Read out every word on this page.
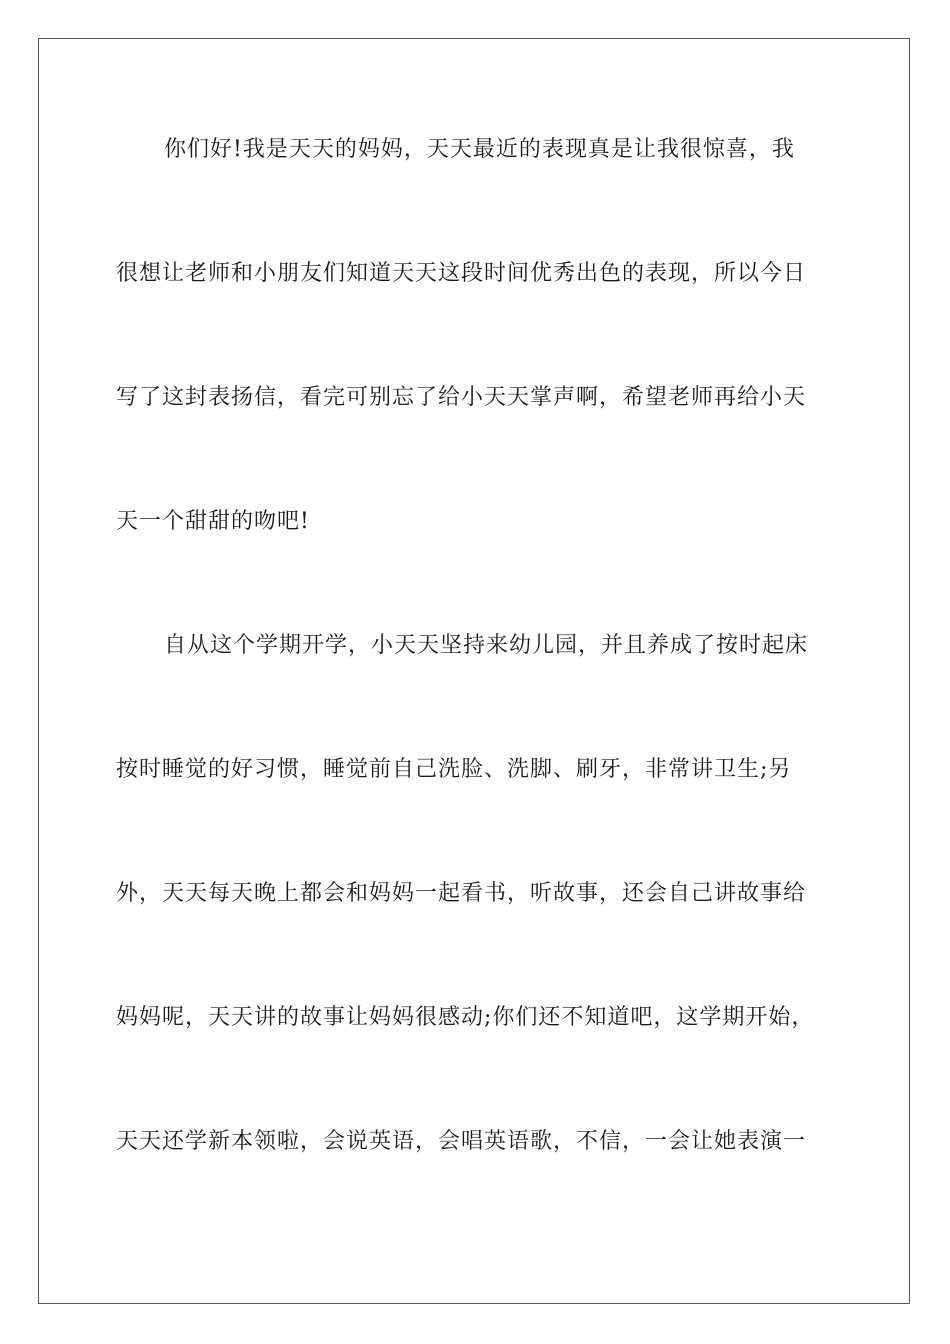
你们好!我是天天的妈妈，天天最近的表现真是让我很惊喜，我
很想让老师和小朋友们知道天天这段时间优秀出色的表现，所以今日
写了这封表扬信，看完可别忘了给小天天掌声啊，希望老师再给小天
天一个甜甜的吻吧!
自从这个学期开学，小天天坚持来幼儿园，并且养成了按时起床
按时睡觉的好习惯，睡觉前自己洗脸、洗脚、刷牙，非常讲卫生;另
外，天天每天晚上都会和妈妈一起看书，听故事，还会自己讲故事给
妈妈呢，天天讲的故事让妈妈很感动;你们还不知道吧，这学期开始，
天天还学新本领啦，会说英语，会唱英语歌，不信，一会让她表演一
